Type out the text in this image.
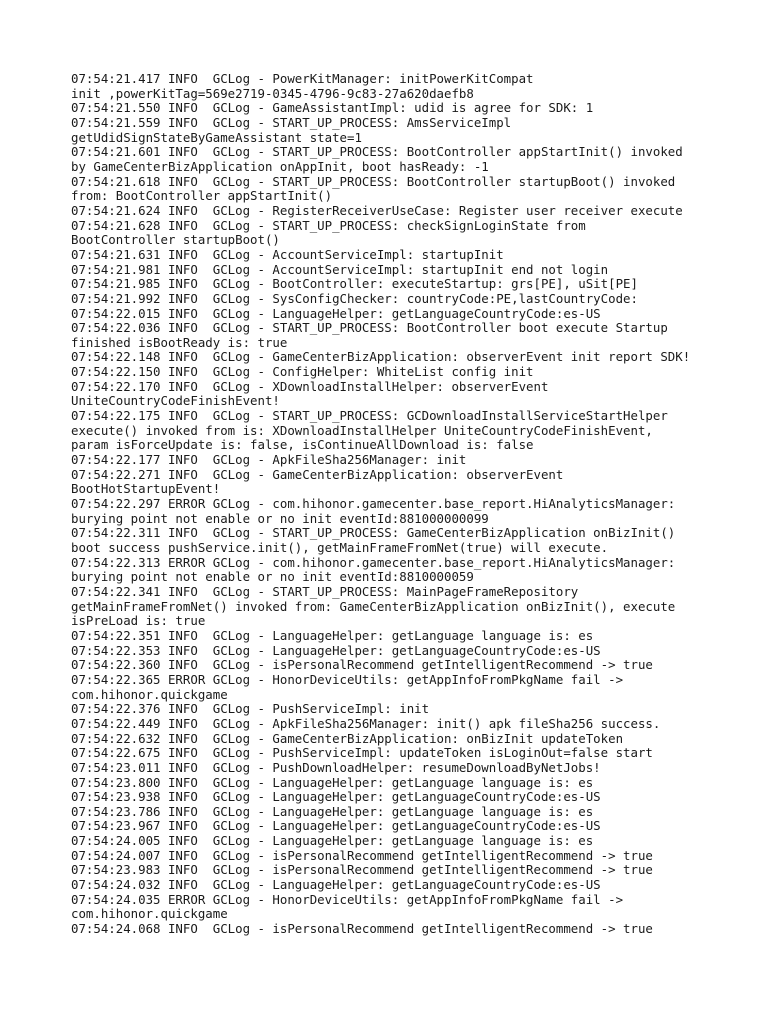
07:54:21.417 INFO  GCLog - PowerKitManager: initPowerKitCompat
init ,powerKitTag=569e2719-0345-4796-9c83-27a620daefb8
07:54:21.550 INFO  GCLog - GameAssistantImpl: udid is agree for SDK: 1
07:54:21.559 INFO  GCLog - START_UP_PROCESS: AmsServiceImpl
getUdidSignStateByGameAssistant state=1
07:54:21.601 INFO  GCLog - START_UP_PROCESS: BootController appStartInit() invoked
by GameCenterBizApplication onAppInit, boot hasReady: -1
07:54:21.618 INFO  GCLog - START_UP_PROCESS: BootController startupBoot() invoked
from: BootController appStartInit()
07:54:21.624 INFO  GCLog - RegisterReceiverUseCase: Register user receiver execute
07:54:21.628 INFO  GCLog - START_UP_PROCESS: checkSignLoginState from
BootController startupBoot()
07:54:21.631 INFO  GCLog - AccountServiceImpl: startupInit
07:54:21.981 INFO  GCLog - AccountServiceImpl: startupInit end not login
07:54:21.985 INFO  GCLog - BootController: executeStartup: grs[PE], uSit[PE]
07:54:21.992 INFO  GCLog - SysConfigChecker: countryCode:PE,lastCountryCode:
07:54:22.015 INFO  GCLog - LanguageHelper: getLanguageCountryCode:es-US
07:54:22.036 INFO  GCLog - START_UP_PROCESS: BootController boot execute Startup
finished isBootReady is: true
07:54:22.148 INFO  GCLog - GameCenterBizApplication: observerEvent init report SDK!
07:54:22.150 INFO  GCLog - ConfigHelper: WhiteList config init
07:54:22.170 INFO  GCLog - XDownloadInstallHelper: observerEvent
UniteCountryCodeFinishEvent!
07:54:22.175 INFO  GCLog - START_UP_PROCESS: GCDownloadInstallServiceStartHelper
execute() invoked from is: XDownloadInstallHelper UniteCountryCodeFinishEvent,
param isForceUpdate is: false, isContinueAllDownload is: false
07:54:22.177 INFO  GCLog - ApkFileSha256Manager: init
07:54:22.271 INFO  GCLog - GameCenterBizApplication: observerEvent
BootHotStartupEvent!
07:54:22.297 ERROR GCLog - com.hihonor.gamecenter.base_report.HiAnalyticsManager:
burying point not enable or no init eventId:881000000099
07:54:22.311 INFO  GCLog - START_UP_PROCESS: GameCenterBizApplication onBizInit()
boot success pushService.init(), getMainFrameFromNet(true) will execute.
07:54:22.313 ERROR GCLog - com.hihonor.gamecenter.base_report.HiAnalyticsManager:
burying point not enable or no init eventId:8810000059
07:54:22.341 INFO  GCLog - START_UP_PROCESS: MainPageFrameRepository
getMainFrameFromNet() invoked from: GameCenterBizApplication onBizInit(), execute
isPreLoad is: true
07:54:22.351 INFO  GCLog - LanguageHelper: getLanguage language is: es
07:54:22.353 INFO  GCLog - LanguageHelper: getLanguageCountryCode:es-US
07:54:22.360 INFO  GCLog - isPersonalRecommend getIntelligentRecommend -> true
07:54:22.365 ERROR GCLog - HonorDeviceUtils: getAppInfoFromPkgName fail ->
com.hihonor.quickgame
07:54:22.376 INFO  GCLog - PushServiceImpl: init
07:54:22.449 INFO  GCLog - ApkFileSha256Manager: init() apk fileSha256 success.
07:54:22.632 INFO  GCLog - GameCenterBizApplication: onBizInit updateToken
07:54:22.675 INFO  GCLog - PushServiceImpl: updateToken isLoginOut=false start
07:54:23.011 INFO  GCLog - PushDownloadHelper: resumeDownloadByNetJobs!
07:54:23.800 INFO  GCLog - LanguageHelper: getLanguage language is: es
07:54:23.938 INFO  GCLog - LanguageHelper: getLanguageCountryCode:es-US
07:54:23.786 INFO  GCLog - LanguageHelper: getLanguage language is: es
07:54:23.967 INFO  GCLog - LanguageHelper: getLanguageCountryCode:es-US
07:54:24.005 INFO  GCLog - LanguageHelper: getLanguage language is: es
07:54:24.007 INFO  GCLog - isPersonalRecommend getIntelligentRecommend -> true
07:54:23.983 INFO  GCLog - isPersonalRecommend getIntelligentRecommend -> true
07:54:24.032 INFO  GCLog - LanguageHelper: getLanguageCountryCode:es-US
07:54:24.035 ERROR GCLog - HonorDeviceUtils: getAppInfoFromPkgName fail ->
com.hihonor.quickgame
07:54:24.068 INFO  GCLog - isPersonalRecommend getIntelligentRecommend -> true
